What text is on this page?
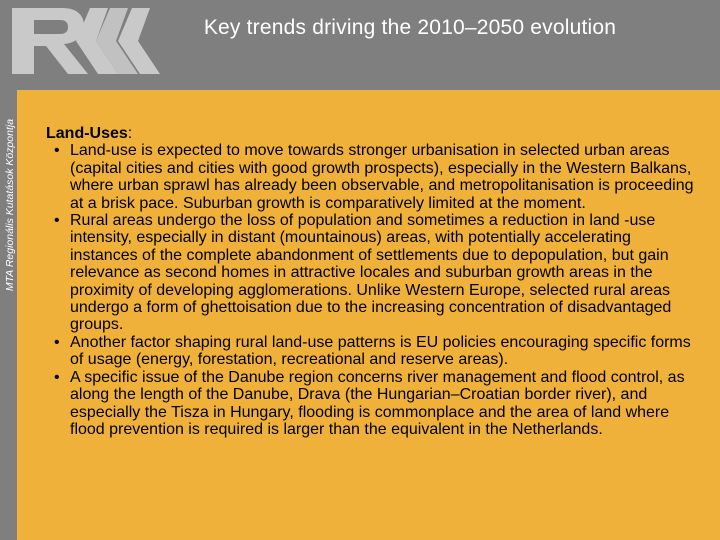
Key trends driving the 2010–2050 evolution
MTA Regionális Kutatások Központja Land-Uses:

• Land-use is expected to move towards stronger urbanisation in selected urban areas (capital cities and cities with good growth prospects), especially in the Western Balkans, where urban sprawl has already been observable, and metropolitanisation is proceeding at a brisk pace. Suburban growth is comparatively limited at the moment.
• Rural areas undergo the loss of population and sometimes a reduction in land -use intensity, especially in distant (mountainous) areas, with potentially accelerating instances of the complete abandonment of settlements due to depopulation, but gain relevance as second homes in attractive locales and suburban growth areas in the proximity of developing agglomerations. Unlike Western Europe, selected rural areas undergo a form of ghettoisation due to the increasing concentration of disadvantaged groups.
• Another factor shaping rural land-use patterns is EU policies encouraging specific forms of usage (energy, forestation, recreational and reserve areas).
• A specific issue of the Danube region concerns river management and flood control, as along the length of the Danube, Drava (the Hungarian–Croatian border river), and especially the Tisza in Hungary, flooding is commonplace and the area of land where flood prevention is required is larger than the equivalent in the Netherlands.
